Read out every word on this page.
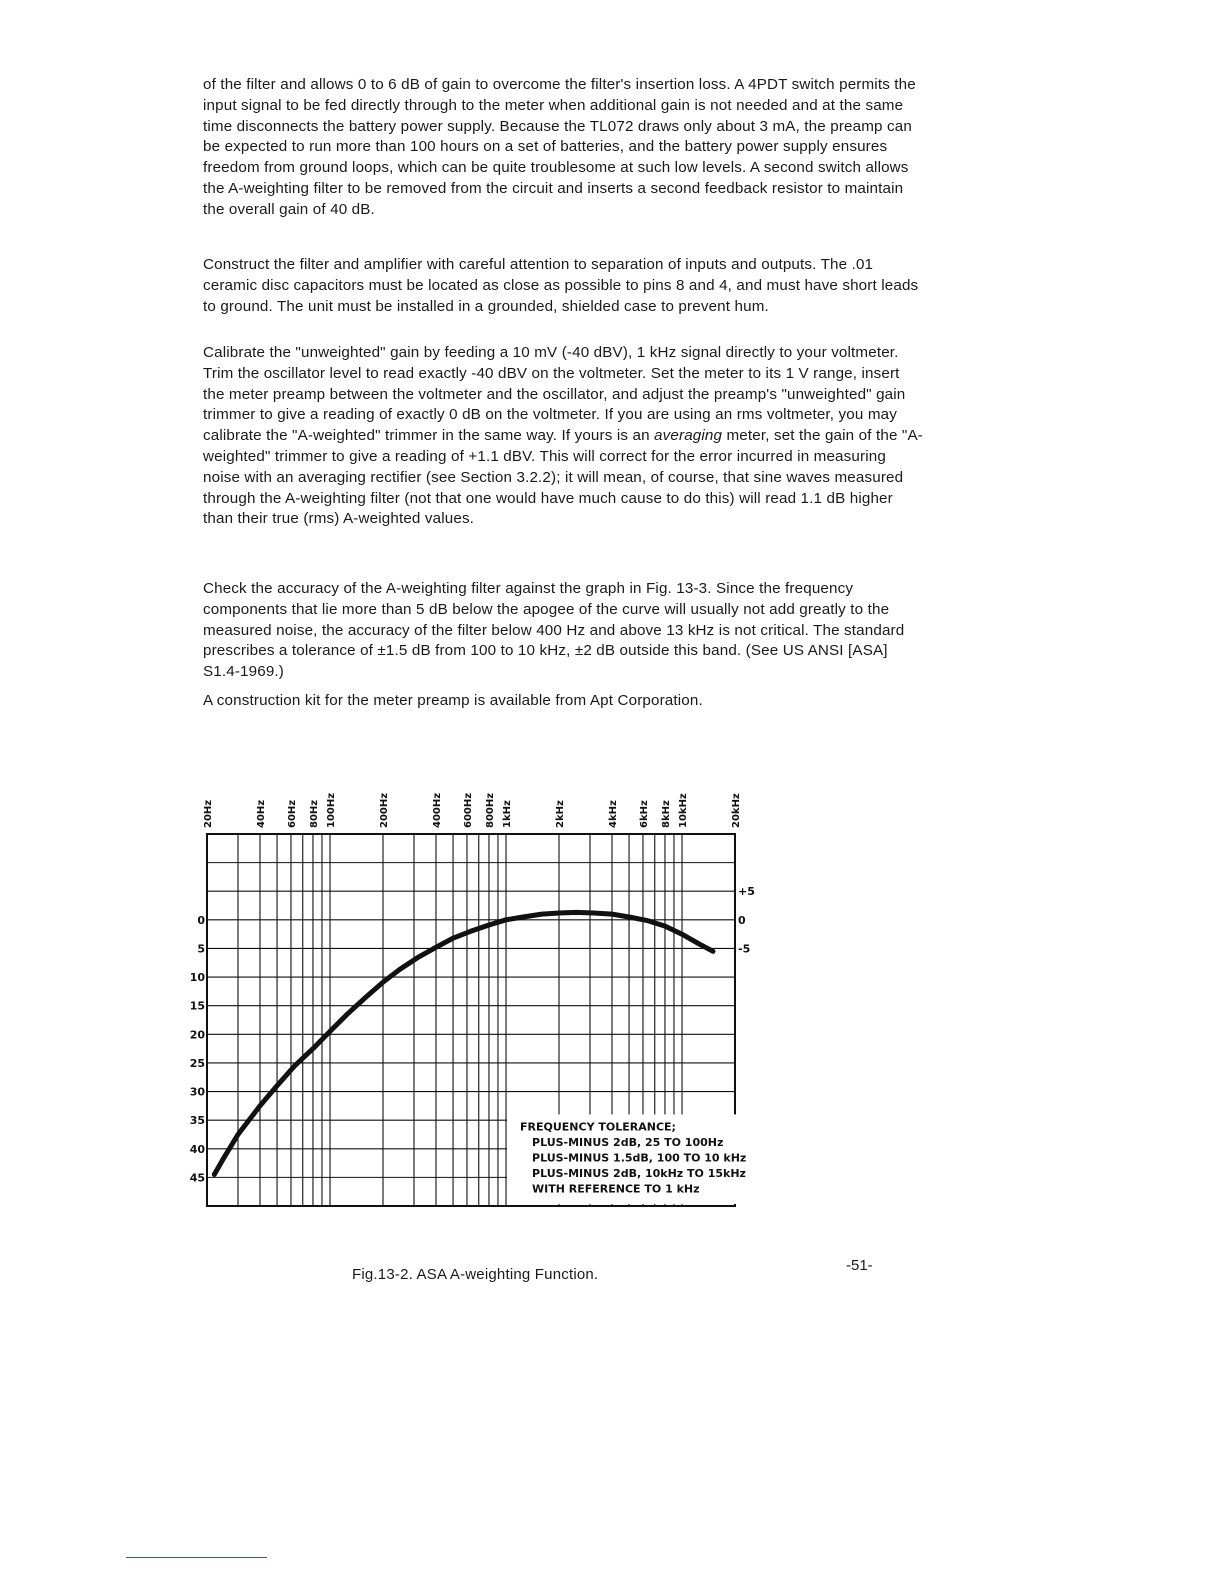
of the filter and allows 0 to 6 dB of gain to overcome the filter's insertion loss. A 4PDT switch permits the input signal to be fed directly through to the meter when additional gain is not needed and at the same time disconnects the battery power supply. Because the TL072 draws only about 3 mA, the preamp can be expected to run more than 100 hours on a set of batteries, and the battery power supply ensures freedom from ground loops, which can be quite troublesome at such low levels. A second switch allows the A-weighting filter to be removed from the circuit and inserts a second feedback resistor to maintain the overall gain of 40 dB.

Construct the filter and amplifier with careful attention to separation of inputs and outputs. The .01 ceramic disc capacitors must be located as close as possible to pins 8 and 4, and must have short leads to ground. The unit must be installed in a grounded, shielded case to prevent hum.

Calibrate the "unweighted" gain by feeding a 10 mV (-40 dBV), 1 kHz signal directly to your voltmeter. Trim the oscillator level to read exactly -40 dBV on the voltmeter. Set the meter to its 1 V range, insert the meter preamp between the voltmeter and the oscillator, and adjust the preamp's "unweighted" gain trimmer to give a reading of exactly 0 dB on the voltmeter. If you are using an rms voltmeter, you may calibrate the "A-weighted" trimmer in the same way. If yours is an averaging meter, set the gain of the "A-weighted" trimmer to give a reading of +1.1 dBV. This will correct for the error incurred in measuring noise with an averaging rectifier (see Section 3.2.2); it will mean, of course, that sine waves measured through the A-weighting filter (not that one would have much cause to do this) will read 1.1 dB higher than their true (rms) A-weighted values.

Check the accuracy of the A-weighting filter against the graph in Fig. 13-3. Since the frequency components that lie more than 5 dB below the apogee of the curve will usually not add greatly to the measured noise, the accuracy of the filter below 400 Hz and above 13 kHz is not critical. The standard prescribes a tolerance of ±1.5 dB from 100 to 10 kHz, ±2 dB outside this band. (See US ANSI [ASA] S1.4-1969.)

A construction kit for the meter preamp is available from Apt Corporation.

20Hz	40Hz 60Hz 80Hz 100Hz	200Hz	400Hz 600Hz 800Hz 1kHz	2kHz	4kHz 6kHz 8kHz 10kHz	20kHz
0
5
10
15
20
25
30
35
40
45
+5
0
-5
FREQUENCY TOLERANCE;
PLUS-MINUS 2dB, 25 TO 100Hz
PLUS-MINUS 1.5dB, 100 TO 10 kHz
PLUS-MINUS 2dB, 10kHz TO 15kHz
WITH REFERENCE TO 1 kHz

Fig.13-2. ASA A-weighting Function.

-51-
